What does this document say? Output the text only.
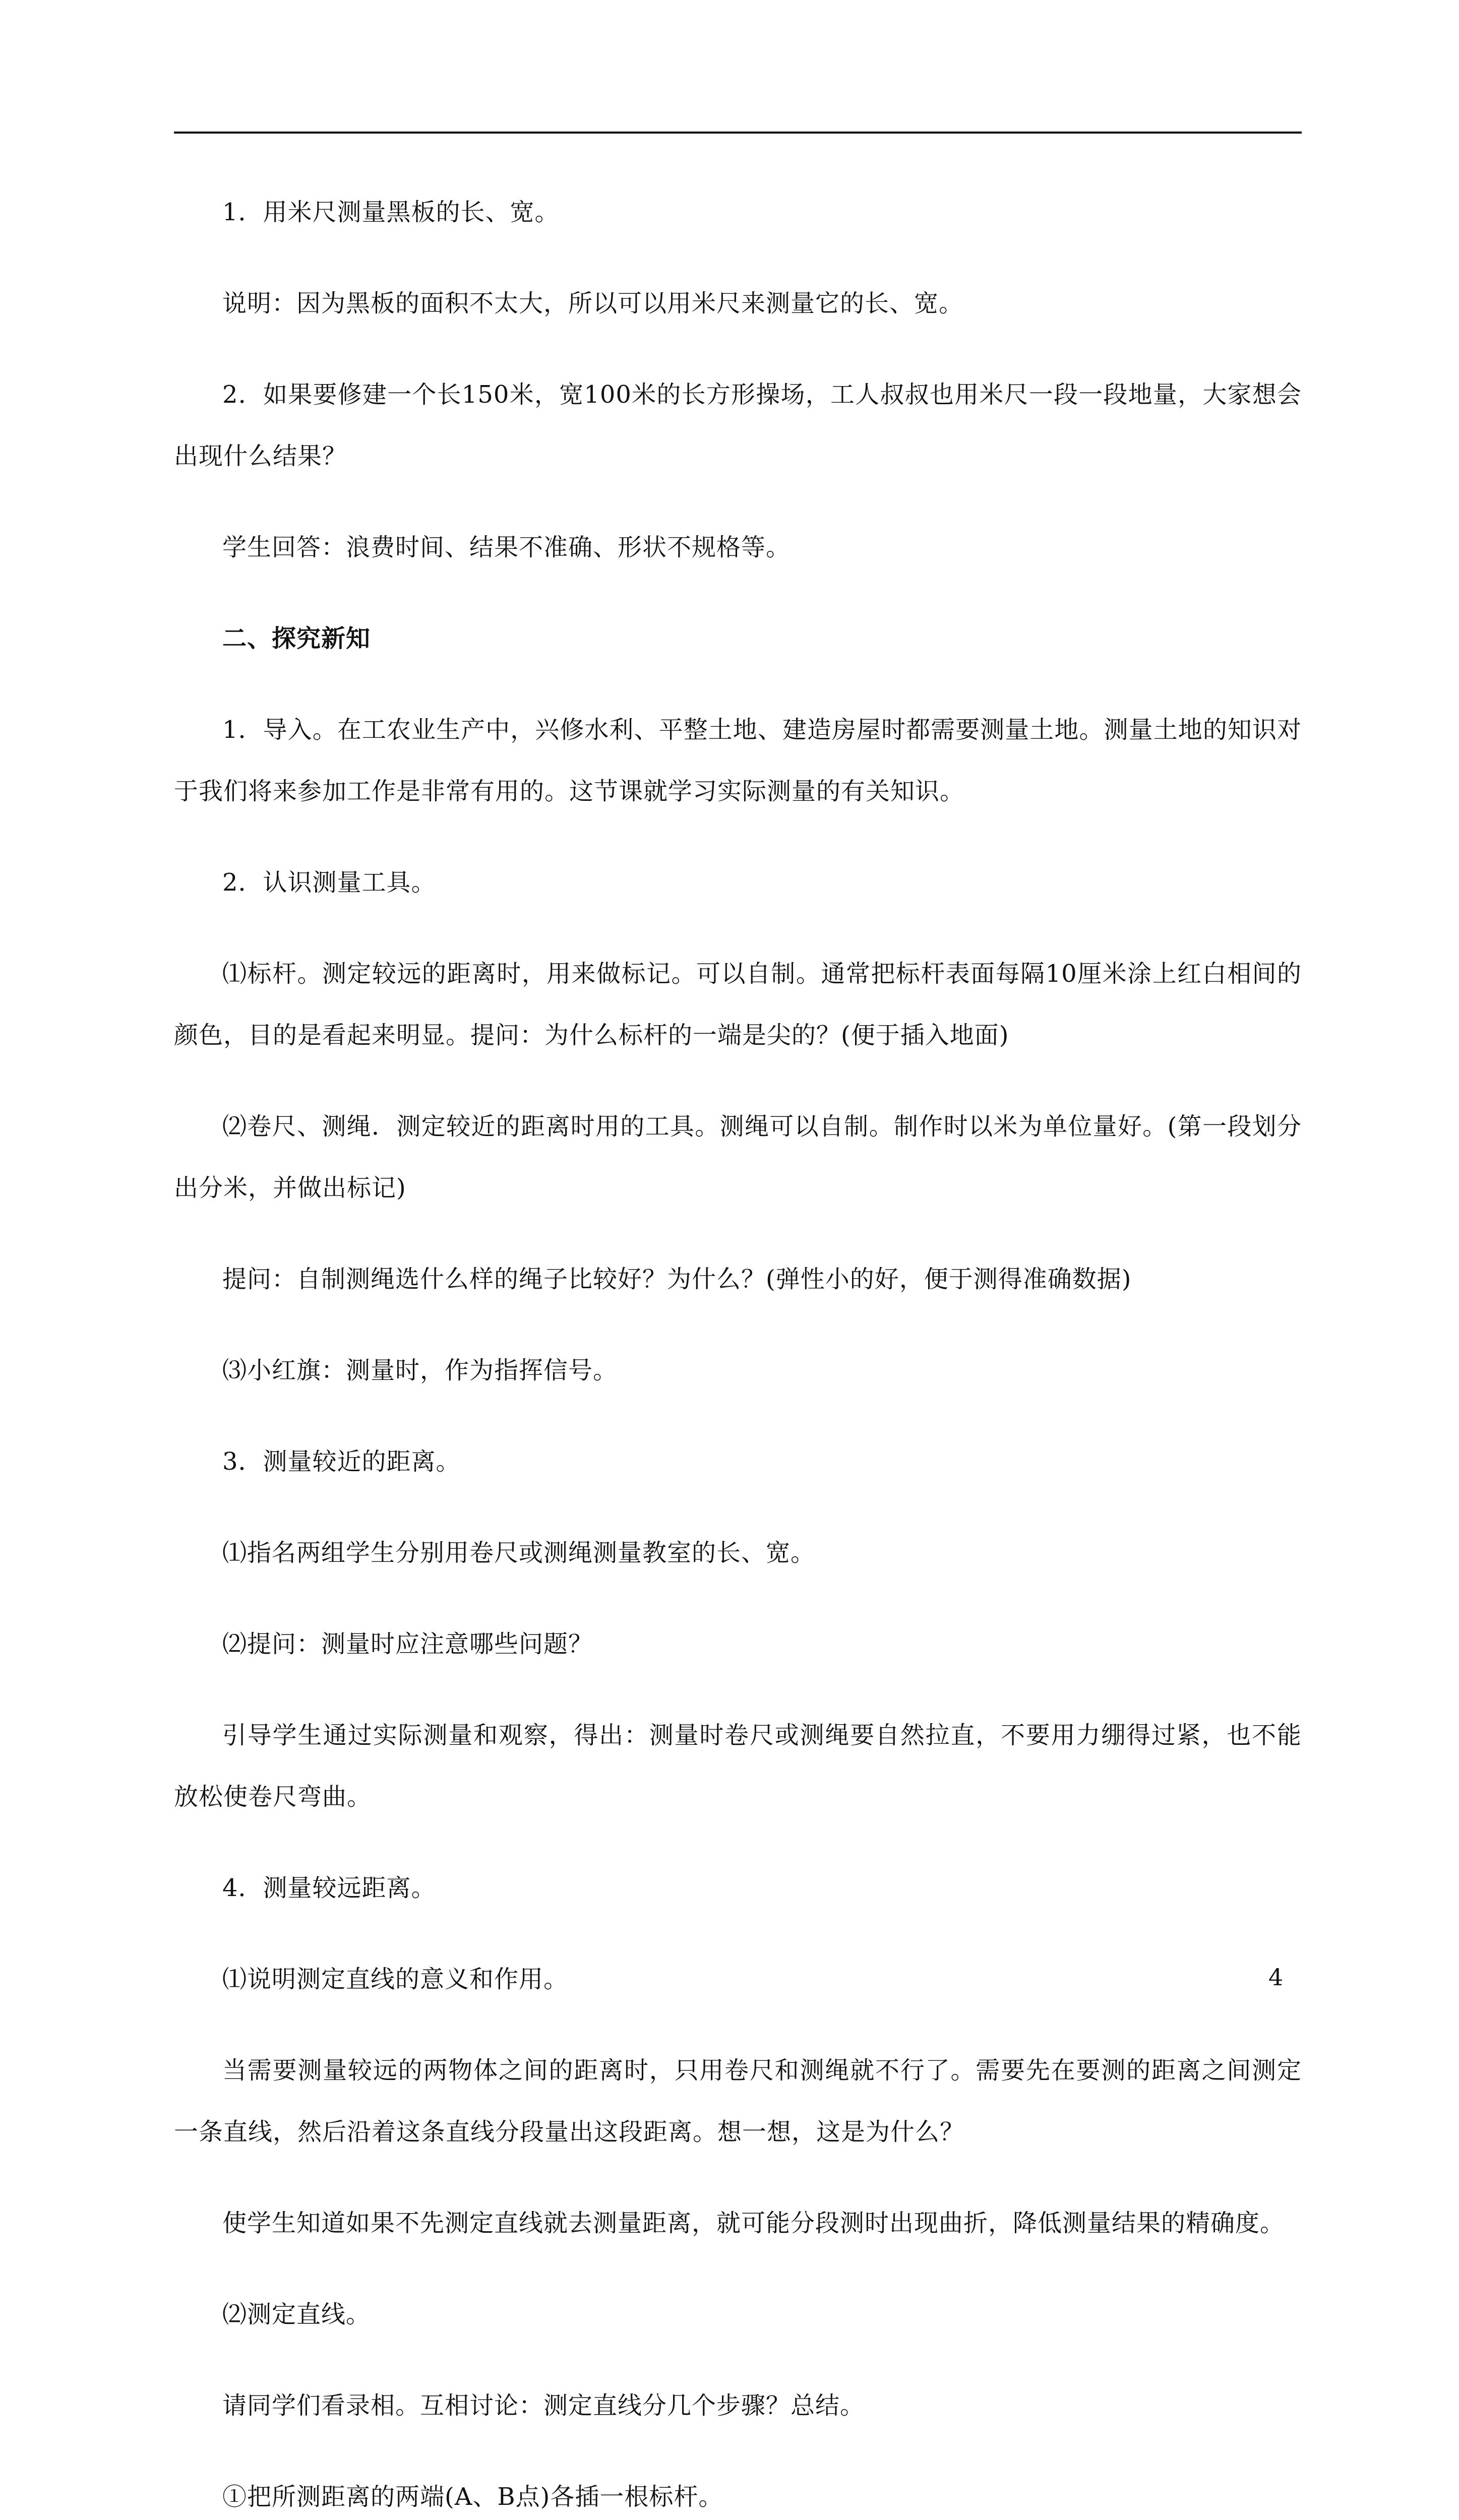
1．用米尺测量黑板的长、宽。

说明：因为黑板的面积不太大，所以可以用米尺来测量它的长、宽。

2．如果要修建一个长150米，宽100米的长方形操场，工人叔叔也用米尺一段一段地量，大家想会出现什么结果？

学生回答：浪费时间、结果不准确、形状不规格等。

二、探究新知

1．导入。在工农业生产中，兴修水利、平整土地、建造房屋时都需要测量土地。测量土地的知识对于我们将来参加工作是非常有用的。这节课就学习实际测量的有关知识。

2．认识测量工具。

⑴标杆。测定较远的距离时，用来做标记。可以自制。通常把标杆表面每隔10厘米涂上红白相间的颜色，目的是看起来明显。提问：为什么标杆的一端是尖的？(便于插入地面)

⑵卷尺、测绳．测定较近的距离时用的工具。测绳可以自制。制作时以米为单位量好。(第一段划分出分米，并做出标记)

提问：自制测绳选什么样的绳子比较好？为什么？(弹性小的好，便于测得准确数据)

⑶小红旗：测量时，作为指挥信号。

3．测量较近的距离。

⑴指名两组学生分别用卷尺或测绳测量教室的长、宽。

⑵提问：测量时应注意哪些问题？

引导学生通过实际测量和观察，得出：测量时卷尺或测绳要自然拉直，不要用力绷得过紧，也不能放松使卷尺弯曲。

4．测量较远距离。

⑴说明测定直线的意义和作用。

当需要测量较远的两物体之间的距离时，只用卷尺和测绳就不行了。需要先在要测的距离之间测定一条直线，然后沿着这条直线分段量出这段距离。想一想，这是为什么？

使学生知道如果不先测定直线就去测量距离，就可能分段测时出现曲折，降低测量结果的精确度。

⑵测定直线。

请同学们看录相。互相讨论：测定直线分几个步骤？总结。

①把所测距离的两端(A、B点)各插一根标杆。

4
